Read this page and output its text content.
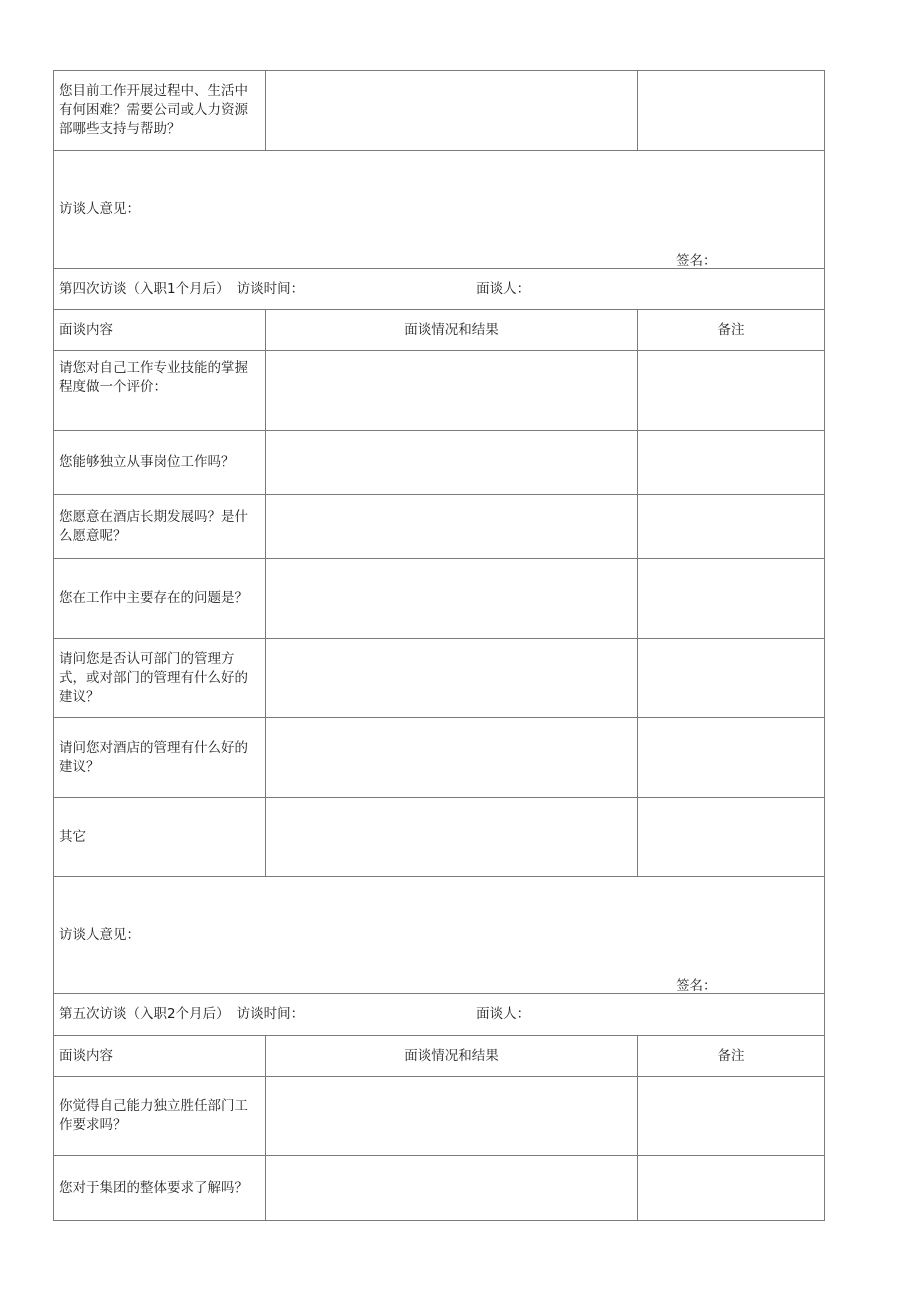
您目前工作开展过程中、生活中有何困难？需要公司或人力资源部哪些支持与帮助？		
访谈人意见：
签名：		

第四次访谈（入职1个月后） 访谈时间： 面谈人：		
面谈内容	面谈情况和结果	备注
请您对自己工作专业技能的掌握程度做一个评价：		
您能够独立从事岗位工作吗？		
您愿意在酒店长期发展吗？是什么愿意呢？		
您在工作中主要存在的问题是？		
请问您是否认可部门的管理方式，或对部门的管理有什么好的建议？		
请问您对酒店的管理有什么好的建议？		
其它		
访谈人意见：
签名：		

第五次访谈（入职2个月后） 访谈时间： 面谈人：		
面谈内容	面谈情况和结果	备注
你觉得自己能力独立胜任部门工作要求吗？		
您对于集团的整体要求了解吗？		
